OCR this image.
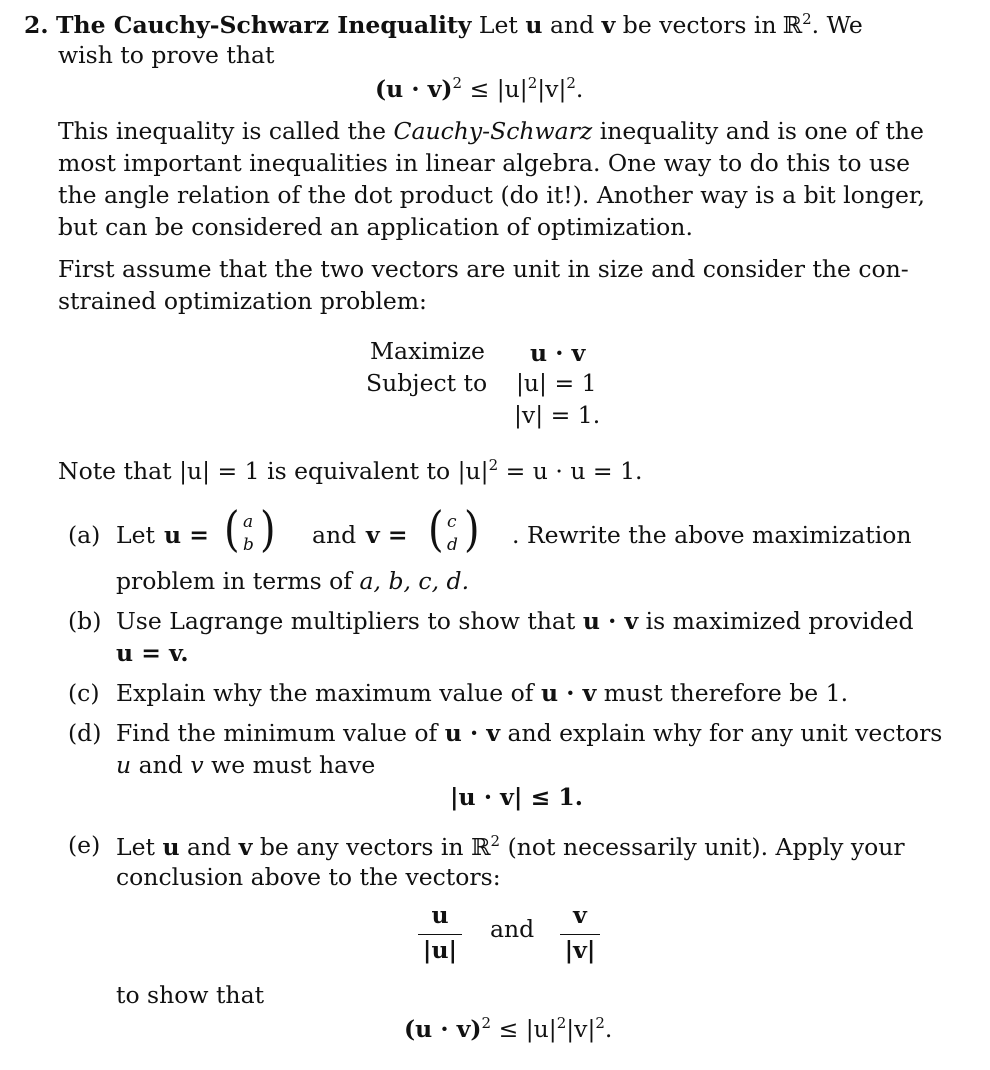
2. The Cauchy-Schwarz Inequality Let u and v be vectors in ℝ$^2$. We
wish to prove that
$(u \cdot v)^2 \le |u|^2|v|^2$.
This inequality is called the Cauchy-Schwarz inequality and is one of the
most important inequalities in linear algebra. One way to do this to use
the angle relation of the dot product (do it!). Another way is a bit longer,
but can be considered an application of optimization.
First assume that the two vectors are unit in size and consider the con-
strained optimization problem:
Maximize u · v
Subject to |u| = 1
|v| = 1.
Note that |u| = 1 is equivalent to $|u|^2 = u \cdot u = 1$.
(a) Let u = ( a
b ) and v = ( c
d ) . Rewrite the above maximization
problem in terms of a, b, c, d.
(b) Use Lagrange multipliers to show that u · v is maximized provided
u = v.
(c) Explain why the maximum value of u · v must therefore be 1.
(d) Find the minimum value of u · v and explain why for any unit vectors
u and v we must have
|u · v| ≤ 1.
(e) Let u and v be any vectors in ℝ$^2$ (not necessarily unit). Apply your
conclusion above to the vectors:
u
|u|
and	v
|v|
to show that
$(u \cdot v)^2 \le |u|^2|v|^2$.
